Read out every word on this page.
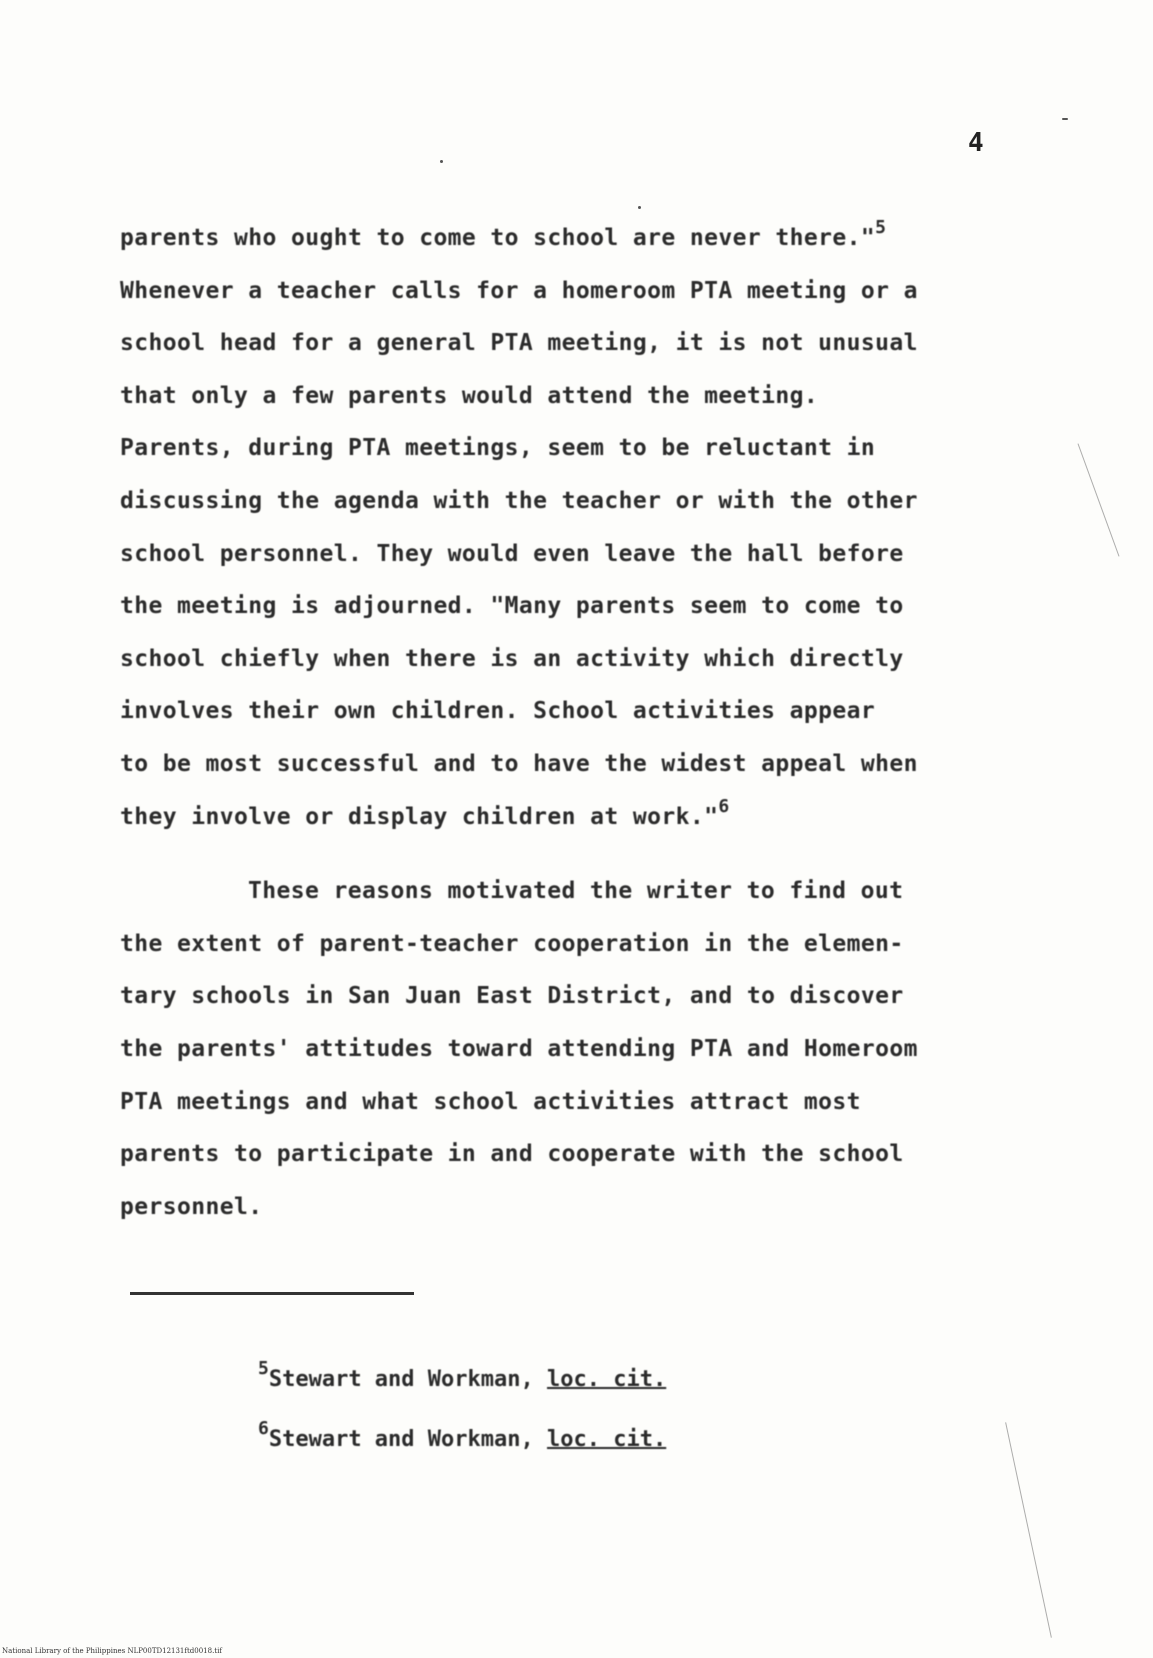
4
parents who ought to come to school are never there."$^5$
Whenever a teacher calls for a homeroom PTA meeting or a
school head for a general PTA meeting, it is not unusual
that only a few parents would attend the meeting.
Parents, during PTA meetings, seem to be reluctant in
discussing the agenda with the teacher or with the other
school personnel. They would even leave the hall before
the meeting is adjourned. "Many parents seem to come to
school chiefly when there is an activity which directly
involves their own children. School activities appear
to be most successful and to have the widest appeal when
they involve or display children at work."$^6$
These reasons motivated the writer to find out
the extent of parent-teacher cooperation in the elemen-
tary schools in San Juan East District, and to discover
the parents' attitudes toward attending PTA and Homeroom
PTA meetings and what school activities attract most
parents to participate in and cooperate with the school
personnel.
$^5$Stewart and Workman, loc. cit.
$^6$Stewart and Workman, loc. cit.
National Library of the Philippines NLP00TD12131ftd0018.tif
